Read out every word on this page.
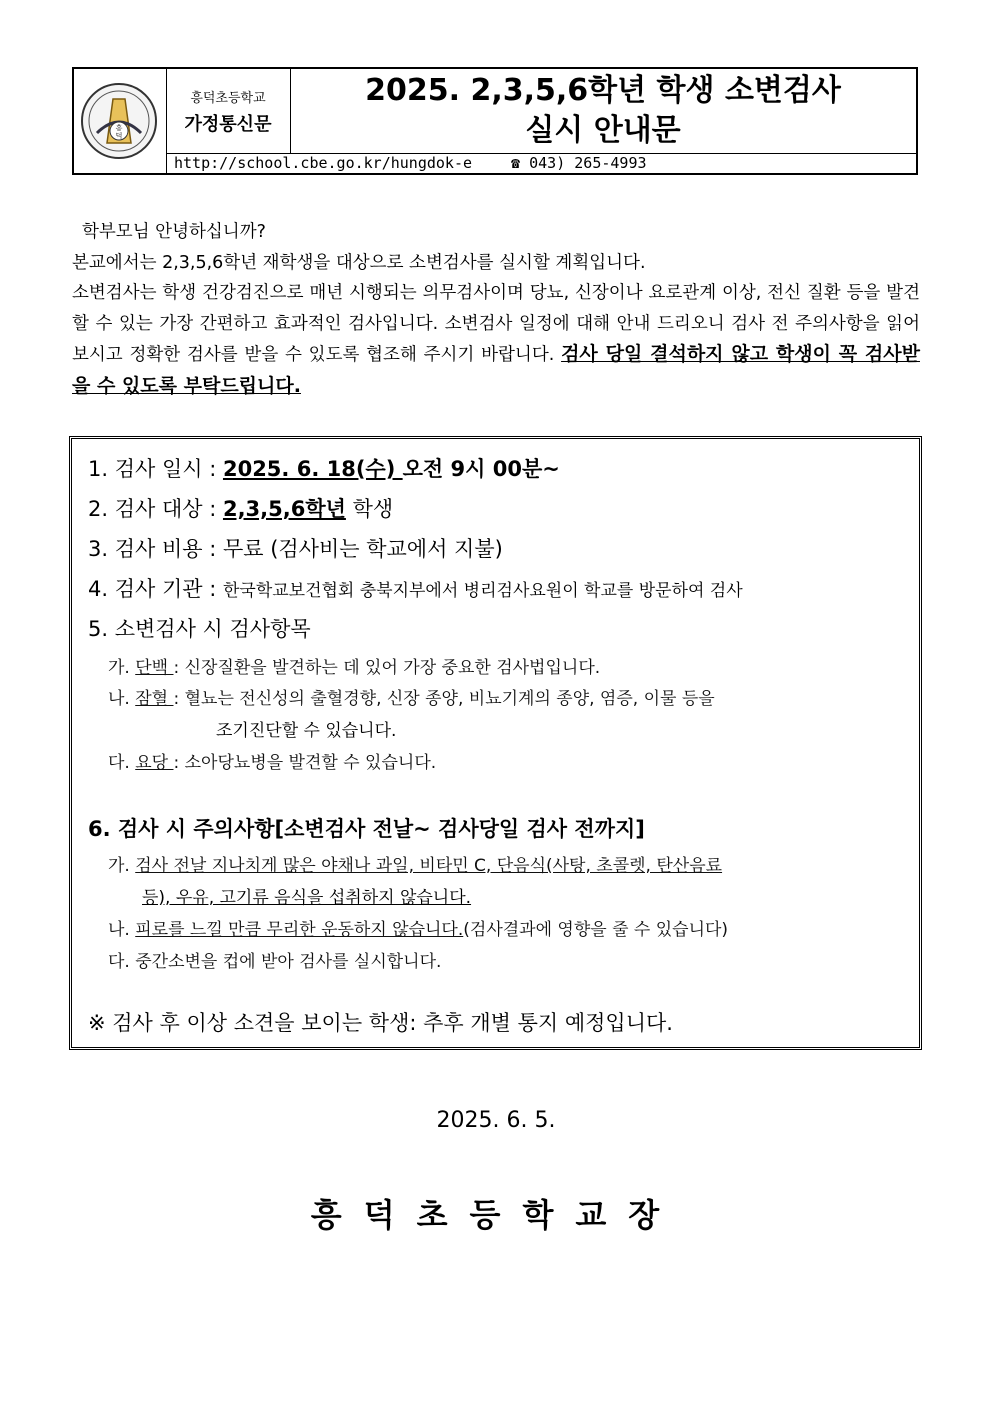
흥
덕
흥덕초등학교
가정통신문
2025. 2,3,5,6학년 학생 소변검사
실시 안내문
http://school.cbe.go.kr/hungdok-e	☎ 043) 265-4993

학부모님 안녕하십니까?

본교에서는 2,3,5,6학년 재학생을 대상으로 소변검사를 실시할 계획입니다.

소변검사는 학생 건강검진으로 매년 시행되는 의무검사이며 당뇨, 신장이나 요로관계 이상, 전신 질환 등을 발견할 수 있는 가장 간편하고 효과적인 검사입니다. 소변검사 일정에 대해 안내 드리오니 검사 전 주의사항을 읽어 보시고 정확한 검사를 받을 수 있도록 협조해 주시기 바랍니다. 검사 당일 결석하지 않고 학생이 꼭 검사받을 수 있도록 부탁드립니다.

1. 검사 일시 : 2025. 6. 18(수) 오전 9시 00분~
2. 검사 대상 : 2,3,5,6학년 학생
3. 검사 비용 : 무료 (검사비는 학교에서 지불)
4. 검사 기관 : 한국학교보건협회 충북지부에서 병리검사요원이 학교를 방문하여 검사
5. 소변검사 시 검사항목
가. 단백 : 신장질환을 발견하는 데 있어 가장 중요한 검사법입니다.
나. 잠혈 : 혈뇨는 전신성의 출혈경향, 신장 종양, 비뇨기계의 종양, 염증, 이물 등을
조기진단할 수 있습니다.
다. 요당 : 소아당뇨병을 발견할 수 있습니다.
6. 검사 시 주의사항[소변검사 전날~ 검사당일 검사 전까지]
가. 검사 전날 지나치게 많은 야채나 과일, 비타민 C, 단음식(사탕, 초콜렛, 탄산음료
등), 우유, 고기류 음식을 섭취하지 않습니다.
나. 피로를 느낄 만큼 무리한 운동하지 않습니다.(검사결과에 영향을 줄 수 있습니다)
다. 중간소변을 컵에 받아 검사를 실시합니다.
※ 검사 후 이상 소견을 보이는 학생: 추후 개별 통지 예정입니다.
2025. 6. 5.
흥덕초등학교장
